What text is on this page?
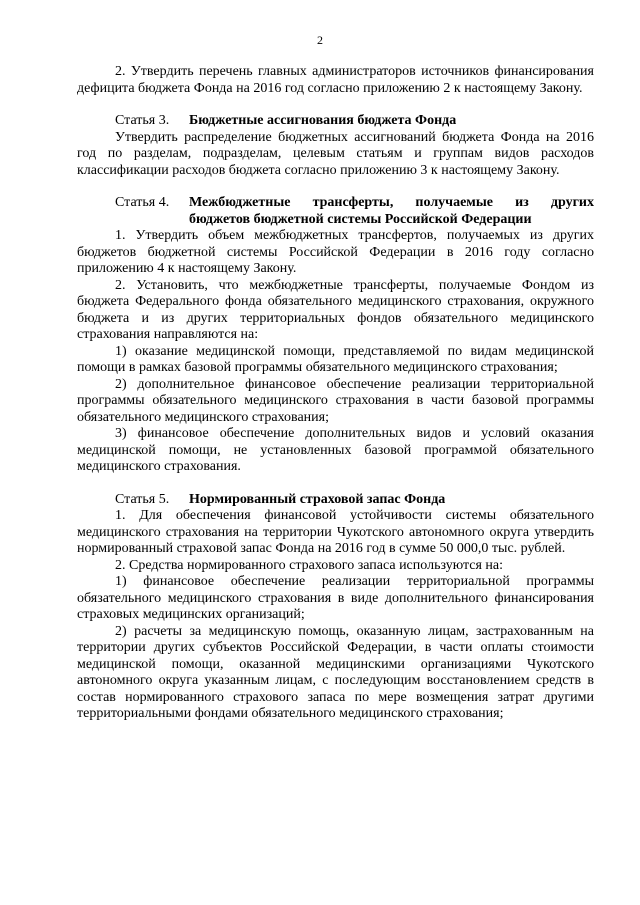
2

2. Утвердить перечень главных администраторов источников финансирования дефицита бюджета Фонда на 2016 год согласно приложению 2 к настоящему Закону.

Статья 3. Бюджетные ассигнования бюджета Фонда

Утвердить распределение бюджетных ассигнований бюджета Фонда на 2016 год по разделам, подразделам, целевым статьям и группам видов расходов классификации расходов бюджета согласно приложению 3 к настоящему Закону.

Статья 4.	Межбюджетные трансферты, получаемые из других
бюджетов бюджетной системы Российской Федерации

1. Утвердить объем межбюджетных трансфертов, получаемых из других бюджетов бюджетной системы Российской Федерации в 2016 году согласно приложению 4 к настоящему Закону.

2. Установить, что межбюджетные трансферты, получаемые Фондом из бюджета Федерального фонда обязательного медицинского страхования, окружного бюджета и из других территориальных фондов обязательного медицинского страхования направляются на:

1) оказание медицинской помощи, представляемой по видам медицинской помощи в рамках базовой программы обязательного медицинского страхования;

2) дополнительное финансовое обеспечение реализации территориальной программы обязательного медицинского страхования в части базовой программы обязательного медицинского страхования;

3) финансовое обеспечение дополнительных видов и условий оказания медицинской помощи, не установленных базовой программой обязательного медицинского страхования.

Статья 5. Нормированный страховой запас Фонда

1. Для обеспечения финансовой устойчивости системы обязательного медицинского страхования на территории Чукотского автономного округа утвердить нормированный страховой запас Фонда на 2016 год в сумме 50 000,0 тыс. рублей.

2. Средства нормированного страхового запаса используются на:

1) финансовое обеспечение реализации территориальной программы обязательного медицинского страхования в виде дополнительного финансирования страховых медицинских организаций;

2) расчеты за медицинскую помощь, оказанную лицам, застрахованным на территории других субъектов Российской Федерации, в части оплаты стоимости медицинской помощи, оказанной медицинскими организациями Чукотского автономного округа указанным лицам, с последующим восстановлением средств в состав нормированного страхового запаса по мере возмещения затрат другими территориальными фондами обязательного медицинского страхования;
